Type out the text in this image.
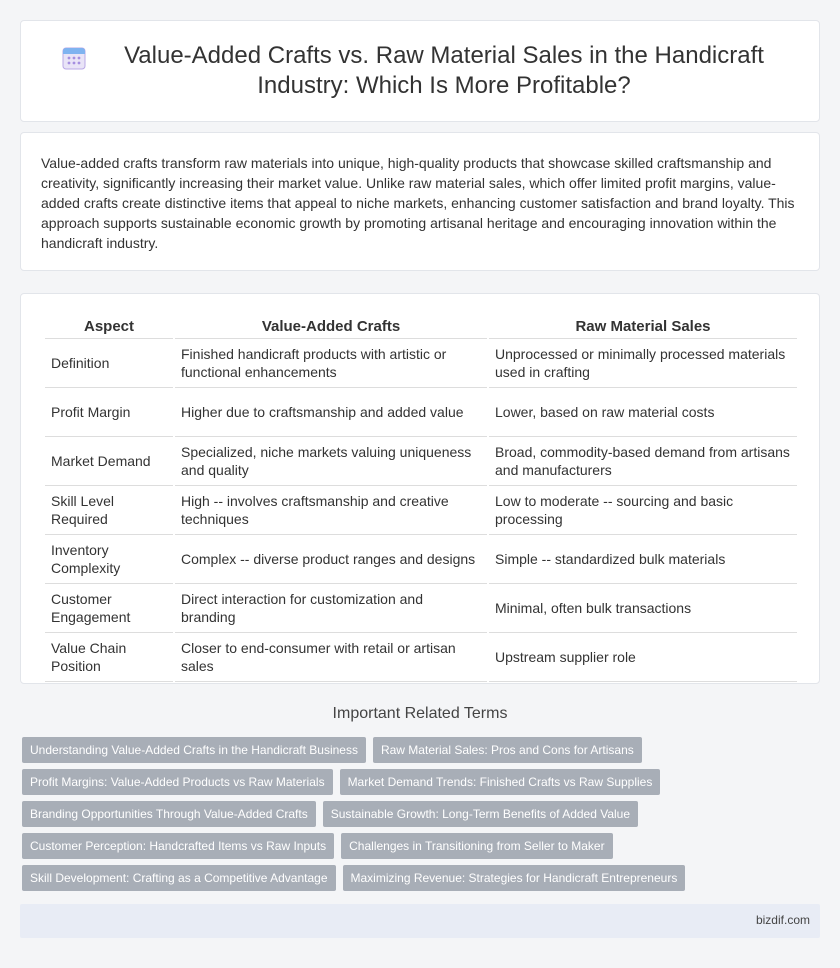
Value-Added Crafts vs. Raw Material Sales in the Handicraft Industry: Which Is More Profitable?

Value-added crafts transform raw materials into unique, high-quality products that showcase skilled craftsmanship and creativity, significantly increasing their market value. Unlike raw material sales, which offer limited profit margins, value-added crafts create distinctive items that appeal to niche markets, enhancing customer satisfaction and brand loyalty. This approach supports sustainable economic growth by promoting artisanal heritage and encouraging innovation within the handicraft industry.

Aspect	Value-Added Crafts	Raw Material Sales
Definition	Finished handicraft products with artistic or functional enhancements	Unprocessed or minimally processed materials used in crafting
Profit Margin	Higher due to craftsmanship and added value	Lower, based on raw material costs
Market Demand	Specialized, niche markets valuing uniqueness and quality	Broad, commodity-based demand from artisans and manufacturers
Skill Level Required	High -- involves craftsmanship and creative techniques	Low to moderate -- sourcing and basic processing
Inventory Complexity	Complex -- diverse product ranges and designs	Simple -- standardized bulk materials
Customer Engagement	Direct interaction for customization and branding	Minimal, often bulk transactions
Value Chain Position	Closer to end-consumer with retail or artisan sales	Upstream supplier role
Important Related Terms
Understanding Value-Added Crafts in the Handicraft Business	Raw Material Sales: Pros and Cons for Artisans
Profit Margins: Value-Added Products vs Raw Materials	Market Demand Trends: Finished Crafts vs Raw Supplies
Branding Opportunities Through Value-Added Crafts	Sustainable Growth: Long-Term Benefits of Added Value
Customer Perception: Handcrafted Items vs Raw Inputs	Challenges in Transitioning from Seller to Maker
Skill Development: Crafting as a Competitive Advantage	Maximizing Revenue: Strategies for Handicraft Entrepreneurs
bizdif.com
